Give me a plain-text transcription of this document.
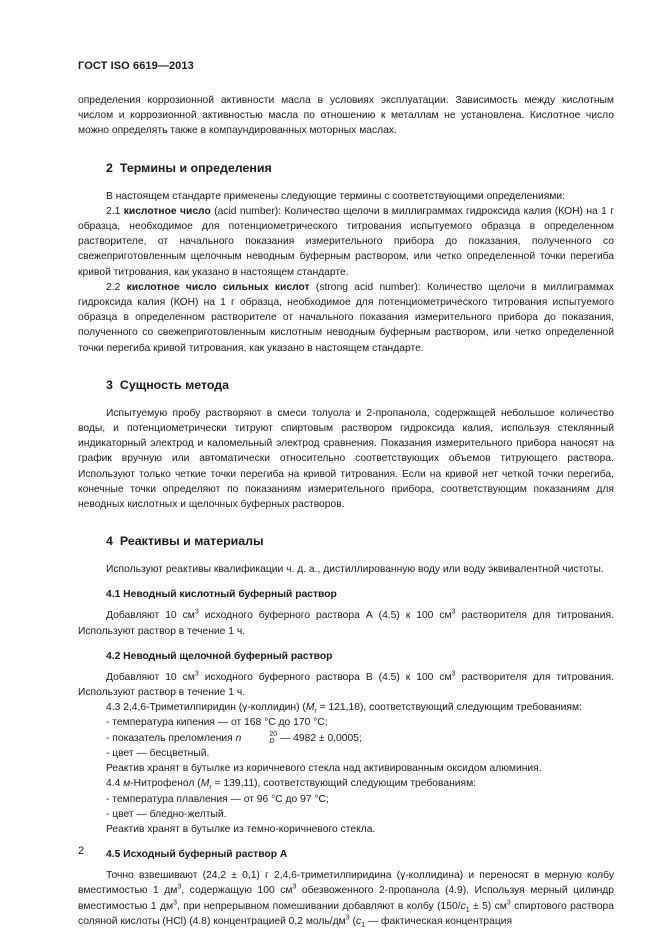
ГОСТ ISO 6619—2013

определения коррозионной активности масла в условиях эксплуатации. Зависимость между кислотным числом и коррозионной активностью масла по отношению к металлам не установлена. Кислотное число можно определять также в компаундированных моторных маслах.

2 Термины и определения

В настоящем стандарте применены следующие термины с соответствующими определениями:

2.1 кислотное число (acid number): Количество щелочи в миллиграммах гидроксида калия (КОН) на 1 г образца, необходимое для потенциометрического титрования испытуемого образца в определенном растворителе, от начального показания измерительного прибора до показания, полученного со свежеприготовленным щелочным неводным буферным раствором, или четко определенной точки перегиба кривой титрования, как указано в настоящем стандарте.

2.2 кислотное число сильных кислот (strong acid number): Количество щелочи в миллиграммах гидроксида калия (КОН) на 1 г образца, необходимое для потенциометрического титрования испытуемого образца в определенном растворителе от начального показания измерительного прибора до показания, полученного со свежеприготовленным кислотным неводным буферным раствором, или четко определенной точки перегиба кривой титрования, как указано в настоящем стандарте.

3 Сущность метода

Испытуемую пробу растворяют в смеси толуола и 2-пропанола, содержащей небольшое количество воды, и потенциометрически титруют спиртовым раствором гидроксида калия, используя стеклянный индикаторный электрод и каломельный электрод сравнения. Показания измерительного прибора наносят на график вручную или автоматически относительно соответствующих объемов титрующего раствора. Используют только четкие точки перегиба на кривой титрования. Если на кривой нет четкой точки перегиба, конечные точки определяют по показаниям измерительного прибора, соответствующим показаниям для неводных кислотных и щелочных буферных растворов.

4 Реактивы и материалы

Используют реактивы квалификации ч. д. а., дистиллированную воду или воду эквивалентной чистоты.

4.1 Неводный кислотный буферный раствор

Добавляют 10 $см^3$ исходного буферного раствора А (4.5) к 100 $см^3$ растворителя для титрования. Используют раствор в течение 1 ч.

4.2 Неводный щелочной буферный раствор

Добавляют 10 $см^3$ исходного буферного раствора В (4.5) к 100 $см^3$ растворителя для титрования. Используют раствор в течение 1 ч.

4.3 2,4,6-Триметилпиридин (γ-коллидин) $(M_r = 121,18)$, соответствующий следующим требованиям:

- температура кипения — от 168 °С до 170 °С;

- показатель преломления n	20
D — 4982 ± 0,0005;

- цвет — бесцветный.

Реактив хранят в бутылке из коричневого стекла над активированным оксидом алюминия.

4.4 м-Нитрофенол $(M_r = 139,11)$, соответствующий следующим требованиям:

- температура плавления — от 96 °С до 97 °С;

- цвет — бледно-желтый.

Реактив хранят в бутылке из темно-коричневого стекла.

4.5 Исходный буферный раствор А

Точно взвешивают (24,2 ± 0,1) г 2,4,6-триметилпиридина (γ-коллидина) и переносят в мерную колбу вместимостью 1 $дм^3$, содержащую 100 $см^3$ обезвоженного 2-пропанола (4.9). Используя мерный цилиндр вместимостью 1 $дм^3$, при непрерывном помешивании добавляют в колбу $(150/c_1 \pm 5)$ $см^3$ спиртового раствора соляной кислоты (HCl) (4.8) концентрацией 0,2 моль/$дм^3$ ($c_1$ — фактическая концентрация

2
